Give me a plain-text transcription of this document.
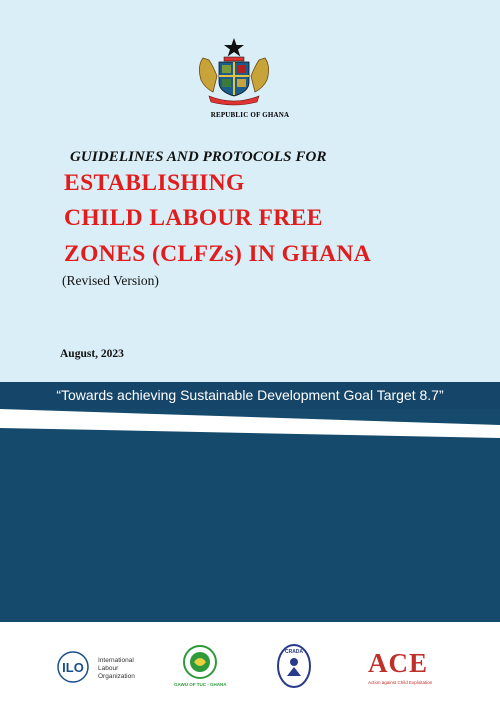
REPUBLIC OF GHANA
GUIDELINES AND PROTOCOLS FOR
ESTABLISHING
CHILD LABOUR FREE
ZONES (CLFZs) IN GHANA
(Revised Version)
August, 2023
“Towards achieving Sustainable Development Goal Target 8.7”
ILO International
Labour
Organization
GAWU OF TUC - GHANA
CRADA ACE
Action against Child Exploitation
